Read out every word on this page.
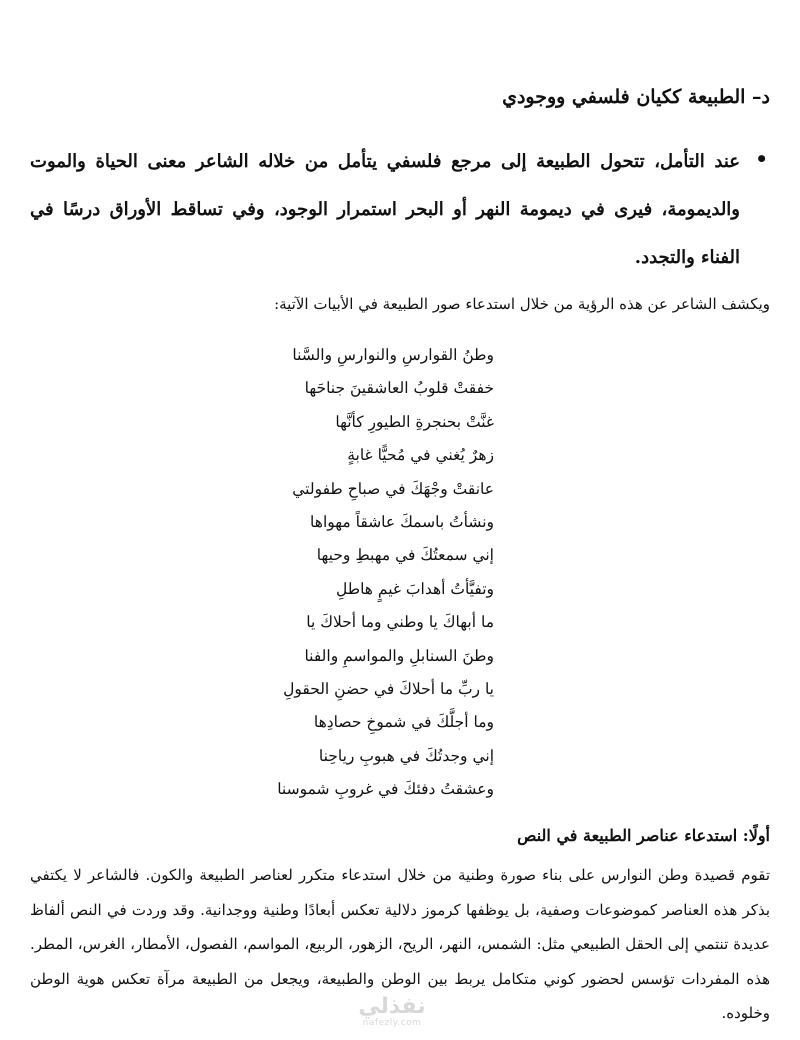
د– الطبيعة ككيان فلسفي ووجودي
•
عند التأمل، تتحول الطبيعة إلى مرجع فلسفي يتأمل من خلاله الشاعر معنى الحياة والموت والديمومة، فيرى في ديمومة النهر أو البحر استمرار الوجود، وفي تساقط الأوراق درسًا في الفناء والتجدد.
ويكشف الشاعر عن هذه الرؤية من خلال استدعاء صور الطبيعة في الأبيات الآتية:
وطنُ القوارسِ والنوارسِ والسَّنا
خفقتْ قلوبُ العاشقينَ جناحَها
غنَّتْ بحنجرةِ الطيورِ كأنَّها
زهرٌ يُغني في مُحيًّا غابةٍ
عانقتْ وجْهَكَ في صباحِ طفولتي
ونشأتُ باسمكَ عاشقاً مهواها
إني سمعتُكَ في مهبطِ وحيها
وتفيَّأتُ أهدابَ غيمٍ هاطلِ
ما أبهاكَ يا وطني وما أحلاكَ يا
وطنَ السنابلِ والمواسمِ والفنا
يا ربِّ ما أحلاكَ في حضنِ الحقولِ
وما أجلَّكَ في شموخِ حصادِها
إني وجدتُكَ في هبوبِ رياحِنا
وعشقتُ دفئكَ في غروبِ شموسنا
أولًا: استدعاء عناصر الطبيعة في النص

تقوم قصيدة وطن النوارس على بناء صورة وطنية من خلال استدعاء متكرر لعناصر الطبيعة والكون. فالشاعر لا يكتفي بذكر هذه العناصر كموضوعات وصفية، بل يوظفها كرموز دلالية تعكس أبعادًا وطنية ووجدانية. وقد وردت في النص ألفاظ عديدة تنتمي إلى الحقل الطبيعي مثل: الشمس، النهر، الريح، الزهور، الربيع، المواسم، الفصول، الأمطار، الغرس، المطر. هذه المفردات تؤسس لحضور كوني متكامل يربط بين الوطن والطبيعة، ويجعل من الطبيعة مرآة تعكس هوية الوطن وخلوده.

نفذلي
nafezly.com
